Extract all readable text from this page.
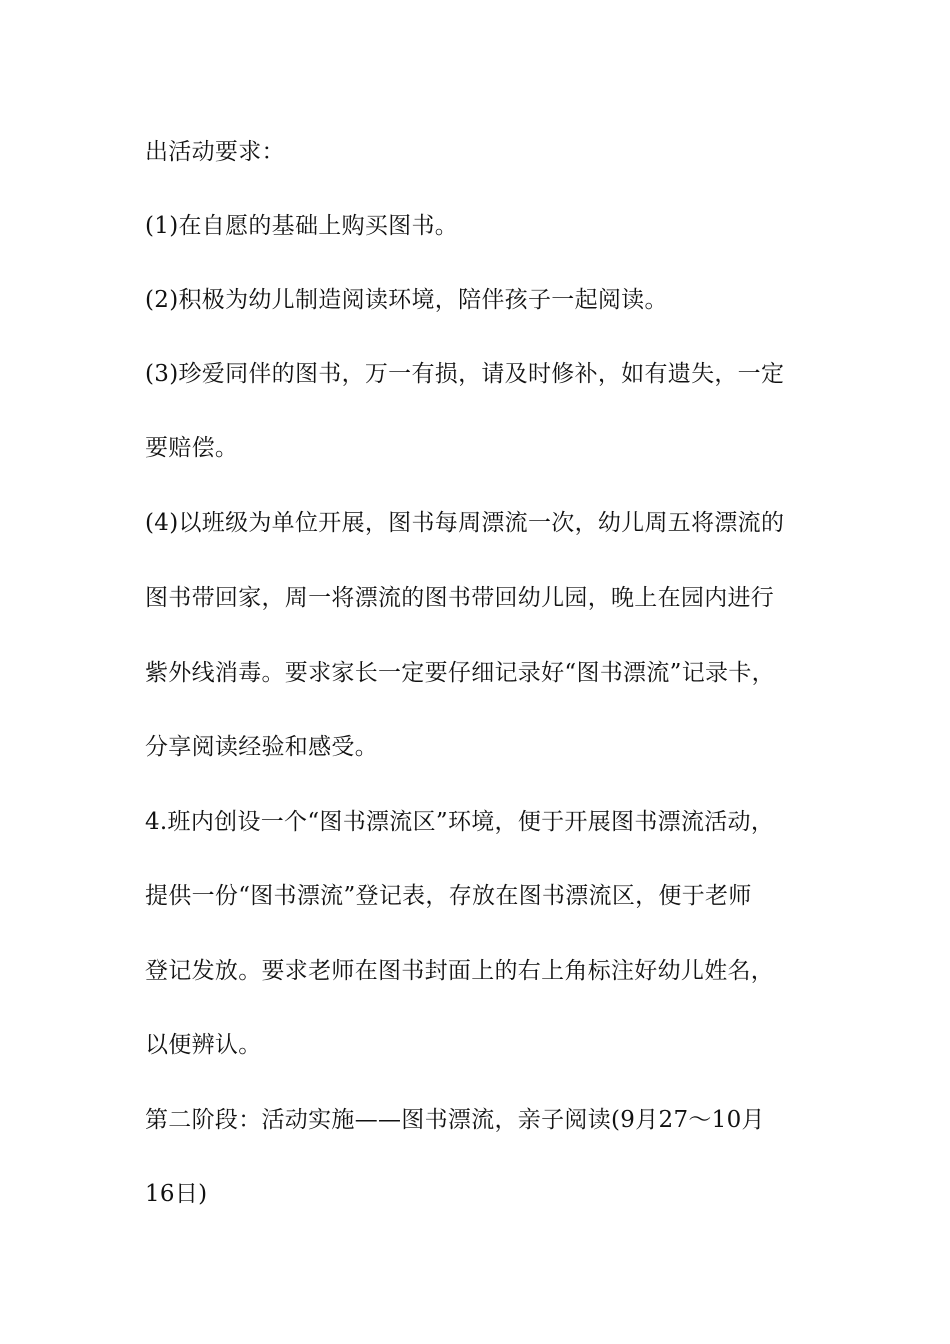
出活动要求：

(1)在自愿的基础上购买图书。

(2)积极为幼儿制造阅读环境，陪伴孩子一起阅读。

(3)珍爱同伴的图书，万一有损，请及时修补，如有遗失，一定

要赔偿。

(4)以班级为单位开展，图书每周漂流一次，幼儿周五将漂流的

图书带回家，周一将漂流的图书带回幼儿园，晚上在园内进行

紫外线消毒。要求家长一定要仔细记录好“图书漂流”记录卡，

分享阅读经验和感受。

4.班内创设一个“图书漂流区”环境，便于开展图书漂流活动，

提供一份“图书漂流”登记表，存放在图书漂流区，便于老师

登记发放。要求老师在图书封面上的右上角标注好幼儿姓名，

以便辨认。

第二阶段：活动实施——图书漂流，亲子阅读(9月27～10月

16日)
